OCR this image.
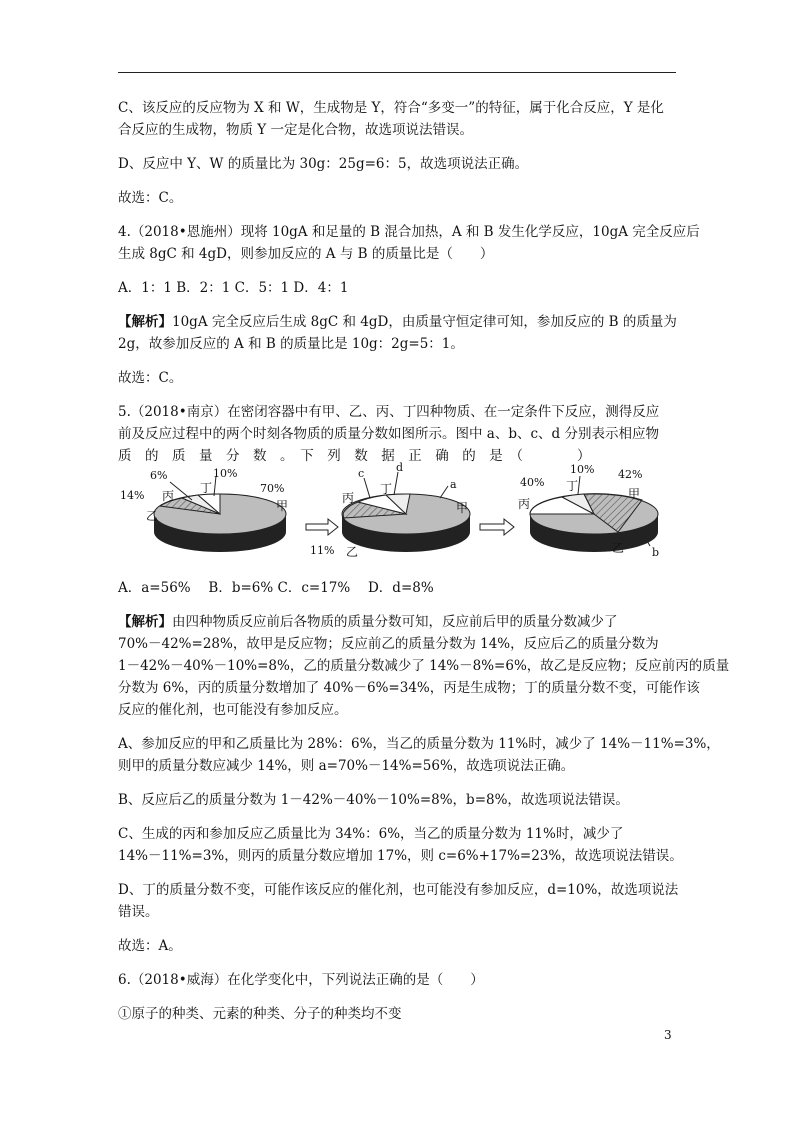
C、该反应的反应物为 X 和 W，生成物是 Y，符合“多变一”的特征，属于化合反应，Y 是化
合反应的生成物，物质 Y 一定是化合物，故选项说法错误。
D、反应中 Y、W 的质量比为 30g：25g=6：5，故选项说法正确。
故选：C。
4.（2018•恩施州）现将 10gA 和足量的 B 混合加热，A 和 B 发生化学反应，10gA 完全反应后
生成 8gC 和 4gD，则参加反应的 A 与 B 的质量比是（　　）
A．1：1 B．2：1 C．5：1 D．4：1
【解析】10gA 完全反应后生成 8gC 和 4gD，由质量守恒定律可知，参加反应的 B 的质量为
2g，故参加反应的 A 和 B 的质量比是 10g：2g=5：1。
故选：C。
5.（2018•南京）在密闭容器中有甲、乙、丙、丁四种物质、在一定条件下反应，测得反应
前及反应过程中的两个时刻各物质的质量分数如图所示。图中 a、b、c、d 分别表示相应物
质　的　质　量　分　数　。　下　列　数　据　正　确　的　是　（　　　　）
6%	10%
14%
70%
丙
丁
乙
甲
c	d
丙
丁	a
甲
11% 乙
10%
40%
42%
丁
丙
甲
乙	b
A．a=56%　 B．b=6% C．c=17%　 D．d=8%
【解析】由四种物质反应前后各物质的质量分数可知，反应前后甲的质量分数减少了
70%－42%=28%，故甲是反应物；反应前乙的质量分数为 14%，反应后乙的质量分数为
1－42%－40%－10%=8%，乙的质量分数减少了 14%－8%=6%，故乙是反应物；反应前丙的质量
分数为 6%，丙的质量分数增加了 40%－6%=34%，丙是生成物；丁的质量分数不变，可能作该
反应的催化剂，也可能没有参加反应。
A、参加反应的甲和乙质量比为 28%：6%，当乙的质量分数为 11%时，减少了 14%－11%=3%，
则甲的质量分数应减少 14%，则 a=70%－14%=56%，故选项说法正确。
B、反应后乙的质量分数为 1－42%－40%－10%=8%，b=8%，故选项说法错误。
C、生成的丙和参加反应乙质量比为 34%：6%，当乙的质量分数为 11%时，减少了
14%－11%=3%，则丙的质量分数应增加 17%，则 c=6%+17%=23%，故选项说法错误。
D、丁的质量分数不变，可能作该反应的催化剂，也可能没有参加反应，d=10%，故选项说法
错误。
故选：A。
6.（2018•威海）在化学变化中，下列说法正确的是（　　）
①原子的种类、元素的种类、分子的种类均不变
3
